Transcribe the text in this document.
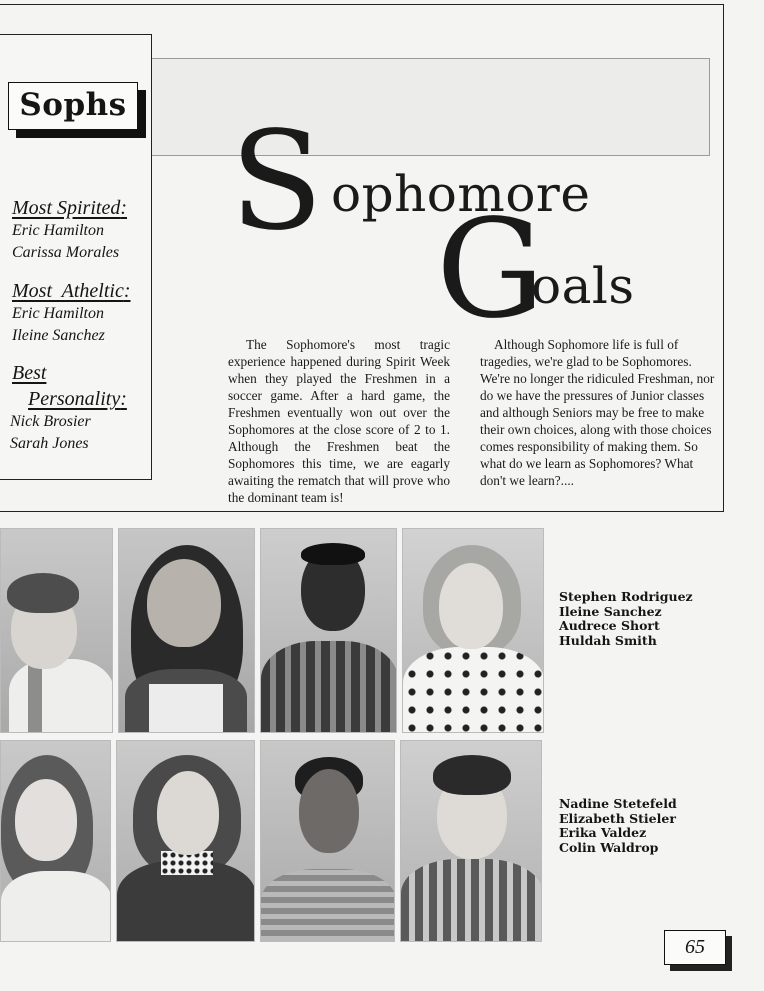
Sophs
Most Spirited:
Eric Hamilton
Carissa Morales
Most  Atheltic:
Eric Hamilton
Ileine Sanchez
Best
Personality:
Nick Brosier
Sarah Jones
S ophomore
G
oals
The Sophomore's most tragic experience happened during Spirit Week when they played the Freshmen in a soccer game. After a hard game, the Freshmen eventually won out over the Sophomores at the close score of 2 to 1. Although the Freshmen beat the Sophomores this time, we are eagarly awaiting the rematch that will prove who the dominant team is!
Although Sophomore life is full of tragedies, we're glad to be Sophomores. We're no longer the ridiculed Freshman, nor do we have the pressures of Junior classes and although Seniors may be free to make their own choices, along with those choices comes responsibility of making them. So what do we learn as Sophomores? What don't we learn?....
Stephen Rodriguez
Ileine Sanchez
Audrece Short
Huldah Smith
Nadine Stetefeld
Elizabeth Stieler
Erika Valdez
Colin Waldrop
65
